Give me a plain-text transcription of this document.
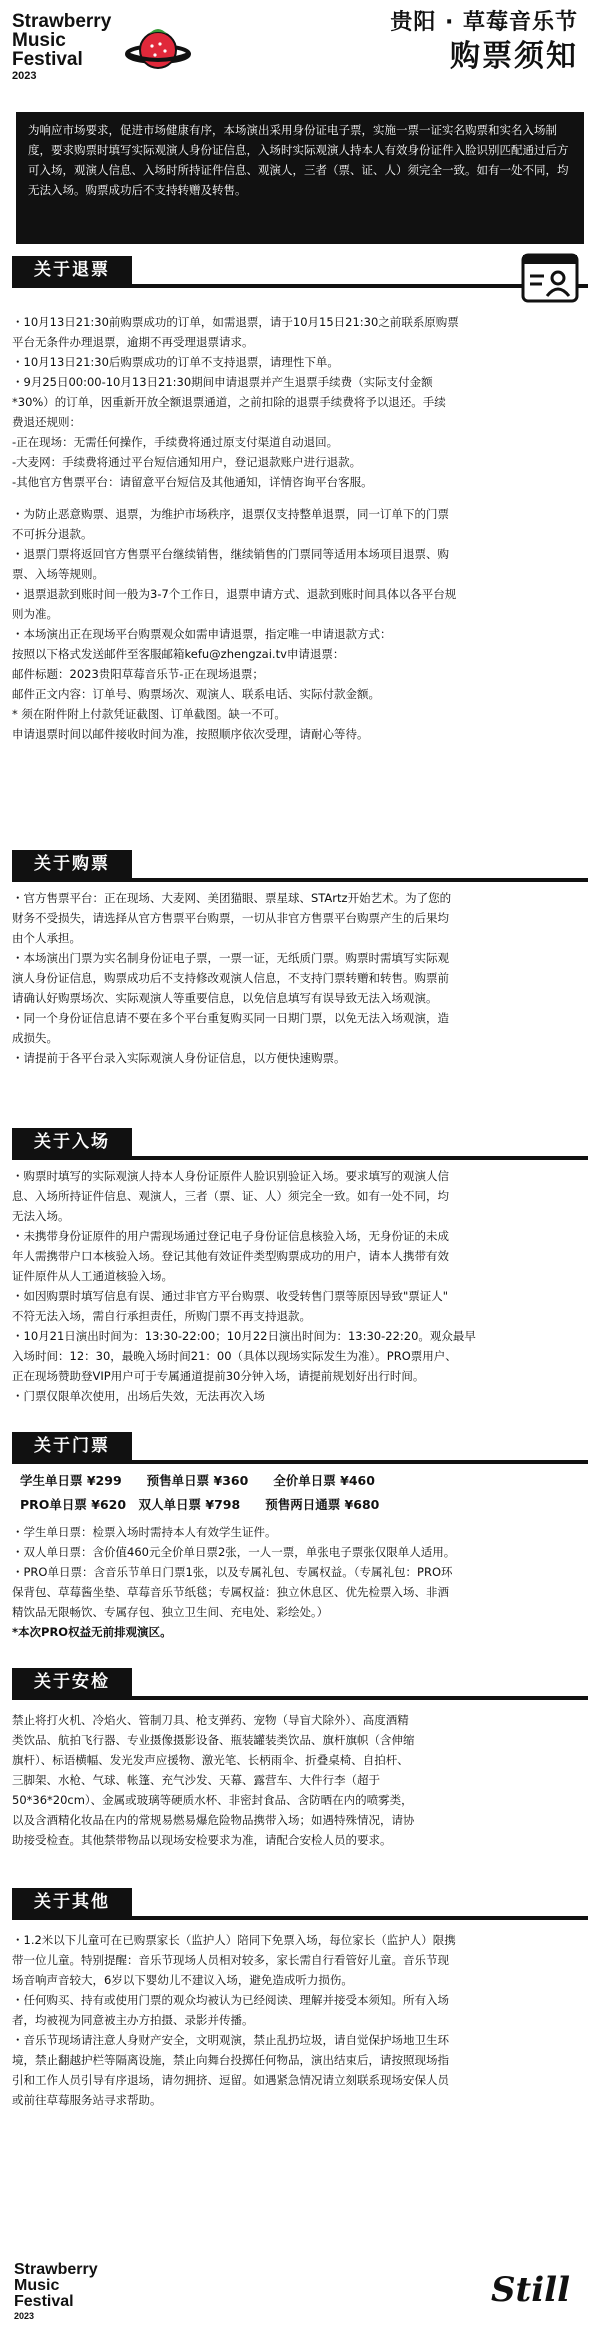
Strawberry
Music
Festival
2023
贵阳 · 草莓音乐节
购票须知
为响应市场要求，促进市场健康有序，本场演出采用身份证电子票，实施一票一证实名购票和实名入场制度，要求购票时填写实际观演人身份证信息，入场时实际观演人持本人有效身份证件入脸识别匹配通过后方可入场，观演人信息、入场时所持证件信息、观演人，三者（票、证、人）须完全一致。如有一处不同，均无法入场。购票成功后不支持转赠及转售。
关于退票

・10月13日21:30前购票成功的订单，如需退票，请于10月15日21:30之前联系原购票

平台无条件办理退票，逾期不再受理退票请求。

・10月13日21:30后购票成功的订单不支持退票，请理性下单。

・9月25日00:00-10月13日21:30期间申请退票并产生退票手续费（实际支付金额

*30%）的订单，因重新开放全额退票通道，之前扣除的退票手续费将予以退还。手续

费退还规则：

-正在现场：无需任何操作，手续费将通过原支付渠道自动退回。

-大麦网：手续费将通过平台短信通知用户，登记退款账户进行退款。

-其他官方售票平台：请留意平台短信及其他通知，详情咨询平台客服。

・为防止恶意购票、退票，为维护市场秩序，退票仅支持整单退票，同一订单下的门票

不可拆分退款。

・退票门票将返回官方售票平台继续销售，继续销售的门票同等适用本场项目退票、购

票、入场等规则。

・退票退款到账时间一般为3-7个工作日，退票申请方式、退款到账时间具体以各平台规

则为准。

・本场演出正在现场平台购票观众如需申请退票，指定唯一申请退款方式：

按照以下格式发送邮件至客服邮箱kefu@zhengzai.tv申请退票：

邮件标题：2023贵阳草莓音乐节-正在现场退票；

邮件正文内容：订单号、购票场次、观演人、联系电话、实际付款金额。

* 须在附件附上付款凭证截图、订单截图。缺一不可。

申请退票时间以邮件接收时间为准，按照顺序依次受理，请耐心等待。

关于购票

・官方售票平台：正在现场、大麦网、美团猫眼、票星球、STArtz开始艺术。为了您的

财务不受损失，请选择从官方售票平台购票，一切从非官方售票平台购票产生的后果均

由个人承担。

・本场演出门票为实名制身份证电子票，一票一证，无纸质门票。购票时需填写实际观

演人身份证信息，购票成功后不支持修改观演人信息，不支持门票转赠和转售。购票前

请确认好购票场次、实际观演人等重要信息，以免信息填写有误导致无法入场观演。

・同一个身份证信息请不要在多个平台重复购买同一日期门票，以免无法入场观演，造

成损失。

・请提前于各平台录入实际观演人身份证信息，以方便快速购票。

关于入场

・购票时填写的实际观演人持本人身份证原件人脸识别验证入场。要求填写的观演人信

息、入场所持证件信息、观演人，三者（票、证、人）须完全一致。如有一处不同，均

无法入场。

・未携带身份证原件的用户需现场通过登记电子身份证信息核验入场，无身份证的未成

年人需携带户口本核验入场。登记其他有效证件类型购票成功的用户，请本人携带有效

证件原件从人工通道核验入场。

・如因购票时填写信息有误、通过非官方平台购票、收受转售门票等原因导致"票证人"

不符无法入场，需自行承担责任，所购门票不再支持退款。

・10月21日演出时间为：13:30-22:00；10月22日演出时间为：13:30-22:20。观众最早

入场时间：12：30，最晚入场时间21：00（具体以现场实际发生为准）。PRO票用户、

正在现场赞助登VIP用户可于专属通道提前30分钟入场，请提前规划好出行时间。

・门票仅限单次使用，出场后失效，无法再次入场

关于门票
学生单日票 ¥299　　预售单日票 ¥360　　全价单日票 ¥460
PRO单日票 ¥620　双人单日票 ¥798　　预售两日通票 ¥680

・学生单日票：检票入场时需持本人有效学生证件。

・双人单日票：含价值460元全价单日票2张，一人一票，单张电子票张仅限单人适用。

・PRO单日票：含音乐节单日门票1张，以及专属礼包、专属权益。（专属礼包：PRO环

保背包、草莓酱坐垫、草莓音乐节纸毯；专属权益：独立休息区、优先检票入场、非酒

精饮品无限畅饮、专属存包、独立卫生间、充电处、彩绘处。）

*本次PRO权益无前排观演区。

关于安检

禁止将打火机、冷焰火、管制刀具、枪支弹药、宠物（导盲犬除外）、高度酒精

类饮品、航拍飞行器、专业摄像摄影设备、瓶装罐装类饮品、旗杆旗帜（含伸缩

旗杆）、标语横幅、发光发声应援物、激光笔、长柄雨伞、折叠桌椅、自拍杆、

三脚架、水枪、气球、帐篷、充气沙发、天幕、露营车、大件行李（超于

50*36*20cm）、金属或玻璃等硬质水杯、非密封食品、含防晒在内的喷雾类，

以及含酒精化妆品在内的常规易燃易爆危险物品携带入场；如遇特殊情况，请协

助接受检查。其他禁带物品以现场安检要求为准，请配合安检人员的要求。

关于其他

・1.2米以下儿童可在已购票家长（监护人）陪同下免票入场，每位家长（监护人）限携

带一位儿童。特别提醒：音乐节现场人员相对较多，家长需自行看管好儿童。音乐节现

场音响声音较大，6岁以下婴幼儿不建议入场，避免造成听力损伤。

・任何购买、持有或使用门票的观众均被认为已经阅读、理解并接受本须知。所有入场

者，均被视为同意被主办方拍摄、录影并传播。

・音乐节现场请注意人身财产安全，文明观演，禁止乱扔垃圾，请自觉保护场地卫生环

境，禁止翻越护栏等隔离设施，禁止向舞台投掷任何物品，演出结束后，请按照现场指

引和工作人员引导有序退场，请勿拥挤、逗留。如遇紧急情况请立刻联系现场安保人员

或前往草莓服务站寻求帮助。

Strawberry
Music
Festival
2023
Still
